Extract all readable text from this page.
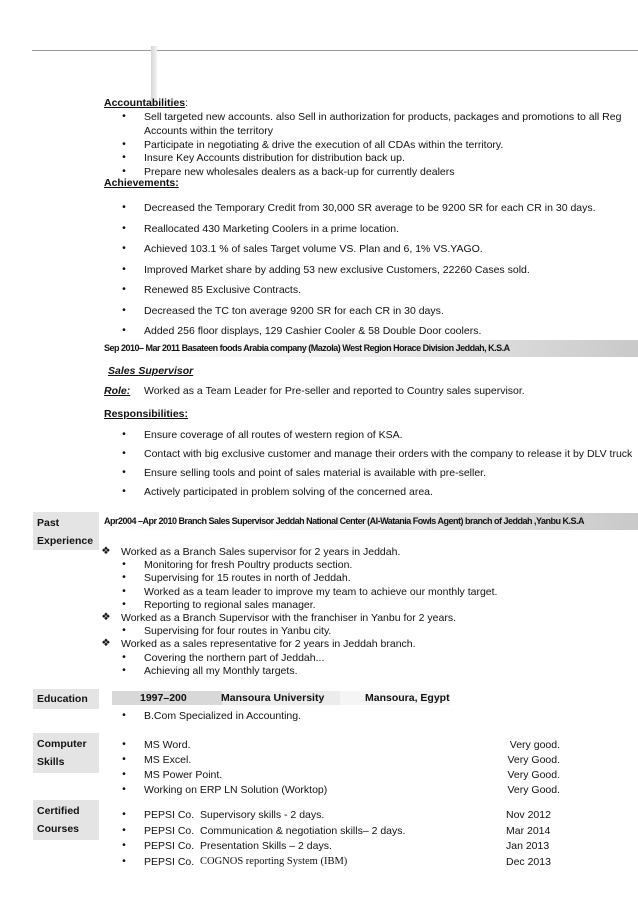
Accountabilities:
•	Sell targeted new accounts. also Sell in authorization for products, packages and promotions to all Reg
Accounts within the territory
•	Participate in negotiating & drive the execution of all CDAs within the territory.
•	Insure Key Accounts distribution for distribution back up.
•	Prepare new wholesales dealers as a back-up for currently dealers
Achievements:
•	Decreased the Temporary Credit from 30,000 SR average to be 9200 SR for each CR in 30 days.
•	Reallocated 430 Marketing Coolers in a prime location.
•	Achieved 103.1 % of sales Target volume VS. Plan and 6, 1% VS.YAGO.
•	Improved Market share by adding 53 new exclusive Customers, 22260 Cases sold.
•	Renewed 85 Exclusive Contracts.
•	Decreased the TC ton average 9200 SR for each CR in 30 days.
•	Added 256 floor displays, 129 Cashier Cooler & 58 Double Door coolers.
Sep 2010– Mar 2011 Basateen foods Arabia company (Mazola) West Region Horace Division Jeddah, K.S.A
Sales Supervisor
Role: Worked as a Team Leader for Pre-seller and reported to Country sales supervisor.
Responsibilities:
•	Ensure coverage of all routes of western region of KSA.
•	Contact with big exclusive customer and manage their orders with the company to release it by DLV truck
•	Ensure selling tools and point of sales material is available with pre-seller.
•	Actively participated in problem solving of the concerned area.
Past
Experience
Apr2004 –Apr 2010 Branch Sales Supervisor Jeddah National Center (Al-Watania Fowls Agent) branch of Jeddah ,Yanbu K.S.A
❖ Worked as a Branch Sales supervisor for 2 years in Jeddah.
•	Monitoring for fresh Poultry products section.
•	Supervising for 15 routes in north of Jeddah.
•	Worked as a team leader to improve my team to achieve our monthly target.
•	Reporting to regional sales manager.
❖ Worked as a Branch Supervisor with the franchiser in Yanbu for 2 years.
•	Supervising for four routes in Yanbu city.
❖ Worked as a sales representative for 2 years in Jeddah branch.
•	Covering the northern part of Jeddah...
•	Achieving all my Monthly targets.
Education	1997–200	Mansoura University	Mansoura, Egypt
•	B.Com Specialized in Accounting.
Computer
Skills
•	MS Word.	Very good.
•	MS Excel.	Very Good.
•	MS Power Point.	Very Good.
•	Working on ERP LN Solution (Worktop)	Very Good.
Certified
Courses
•	PEPSI Co. Supervisory skills - 2 days.	Nov 2012
•	PEPSI Co. Communication & negotiation skills– 2 days.	Mar 2014
•	PEPSI Co. Presentation Skills – 2 days.	Jan 2013
•	PEPSI Co. COGNOS reporting System (IBM)	Dec 2013
